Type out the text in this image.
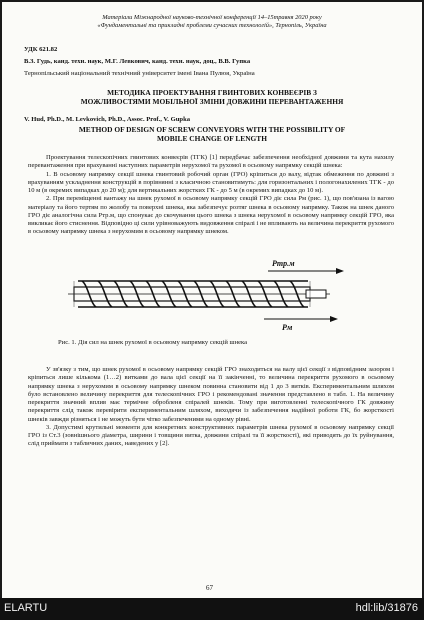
Матеріали Міжнародної науково-технічної конференції 14–15травня 2020 року
«Фундаментальні та прикладні проблеми сучасних технологій», Тернопіль, Україна
УДК 621.82
В.З. Гудь, канд. техн. наук, М.Г. Левкович, канд. техн. наук, доц., В.В. Гупка
Тернопільський національний технічний університет імені Івана Пулюя, Україна
МЕТОДИКА ПРОЕКТУВАННЯ ГВИНТОВИХ КОНВЕЄРІВ З
МОЖЛИВОСТЯМИ МОБІЛЬНОЇ ЗМІНИ ДОВЖИНИ ПЕРЕВАНТАЖЕННЯ
V. Hud, Ph.D., M. Levkovich, Ph.D., Assoc. Prof., V. Gupka
METHOD OF DESIGN OF SCREW CONVEYORS WITH THE POSSIBILITY OF
MOBILE CHANGE OF LENGTH

Проектування телескопічних гвинтових конвеєрів (ТГК) [1] передбачає забезпечення необхідної довжини та кута нахилу перевантаження при врахуванні наступних параметрів нерухомої та рухомої в осьовому напрямку секцій шнека:

1. В осьовому напрямку секції шнека гвинтовий робочий орган (ГРО) кріпиться до валу, відтак обмеження по довжині з врахуванням ускладнення конструкцій в порівнянні з класичною становитимуть: для горизонтальних і пологонахилених ТГК - до 10 м (в окремих випадках до 20 м); для вертикальних жорстких ГК - до 5 м (в окремих випадках до 10 м).

2. При переміщенні вантажу на шнек рухомої в осьовому напрямку секцій ГРО діє сила Pм (рис. 1), що пов'язана із вагою матеріалу та його тертям по жолобу та поверхні шнека, яка забезпечує розтяг шнека в осьовому напрямку. Також на шнек даного ГРО діє аналогічна сила Pтр.м, що спонукає до скочування цього шнека з шнека нерухомої в осьовому напрямку секцій ГРО, яка викликає його стиснення. Відповідно ці сили урівноважують видовження спіралі і не впливають на величина перекриття рухомого в осьовому напрямку шнека з нерухомим в осьовому напрямку шнеком.

Pтр.м
Pм
Рис. 1. Дія сил на шнек рухомої в осьовому напрямку секцій шнека

У зв'язку з тим, що шнек рухомої в осьовому напрямку секцій ГРО знаходиться на валу цієї секції з відповідним зазором і кріпиться лише кількома (1…2) витками до вала цієї секції на її закінченні, то величина перекриття рухомого в осьовому напрямку шнека з нерухомим в осьовому напрямку шнеком повинна становити від 1 до 3 витків. Експериментальним шляхом було встановлено величину перекриття для телескопічних ГРО і рекомендовані значення представлено в табл. 1. На величину перекриття значний вплив має термічне обробленя спіралей шнеків. Тому при виготовленні телескопічного ГК довжину перекриття слід також перевірити експериментальним шляхом, виходячи із забезпечення надійної роботи ГК, бо жорсткості шнеків завжди різняться і не можуть бути чітко забезпеченими на одному рівні.

3. Допустимі крутильні моменти для конкретних конструктивних параметрів шнека рухомої в осьовому напрямку секції ГРО із Ст.3 (зовнішнього діаметра, ширини і товщини витка, довжини спіралі та її жорсткості), які приводять до їх руйнування, слід приймати з табличних даних, наведених у [2].

67
ELARTU	hdl:lib/31876
